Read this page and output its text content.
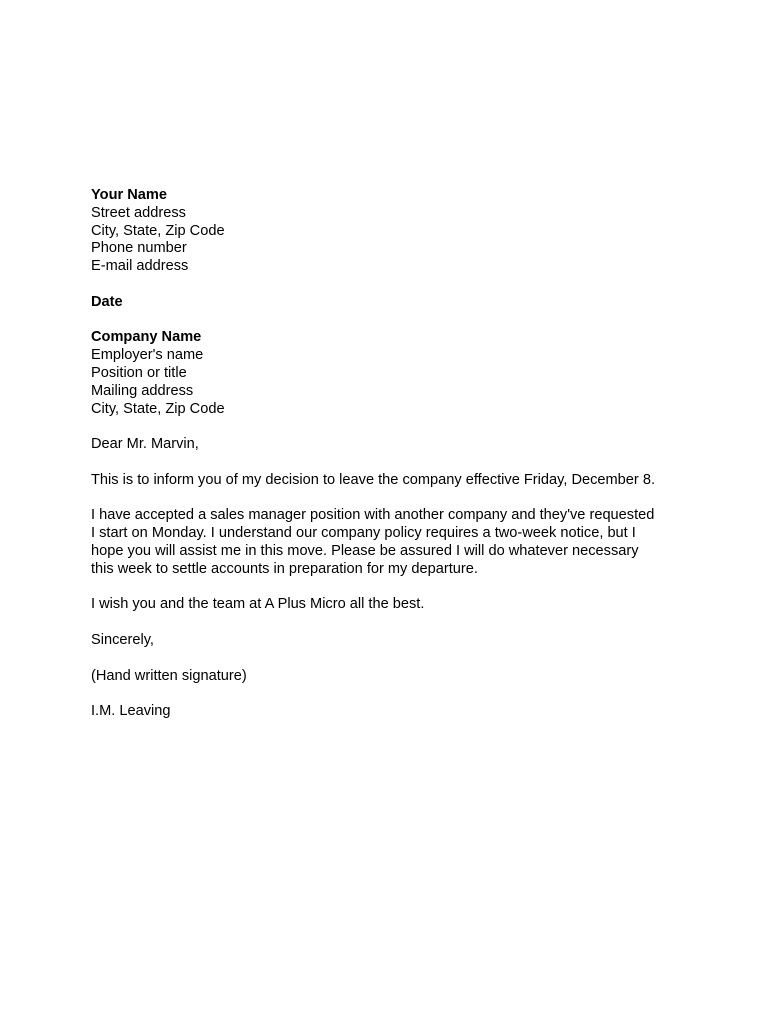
Your Name
Street address
City, State, Zip Code
Phone number
E-mail address
Date
Company Name
Employer's name
Position or title
Mailing address
City, State, Zip Code
Dear Mr. Marvin,
This is to inform you of my decision to leave the company effective Friday, December 8.
I have accepted a sales manager position with another company and they've requested
I start on Monday. I understand our company policy requires a two-week notice, but I
hope you will assist me in this move. Please be assured I will do whatever necessary
this week to settle accounts in preparation for my departure.
I wish you and the team at A Plus Micro all the best.
Sincerely,
(Hand written signature)
I.M. Leaving
